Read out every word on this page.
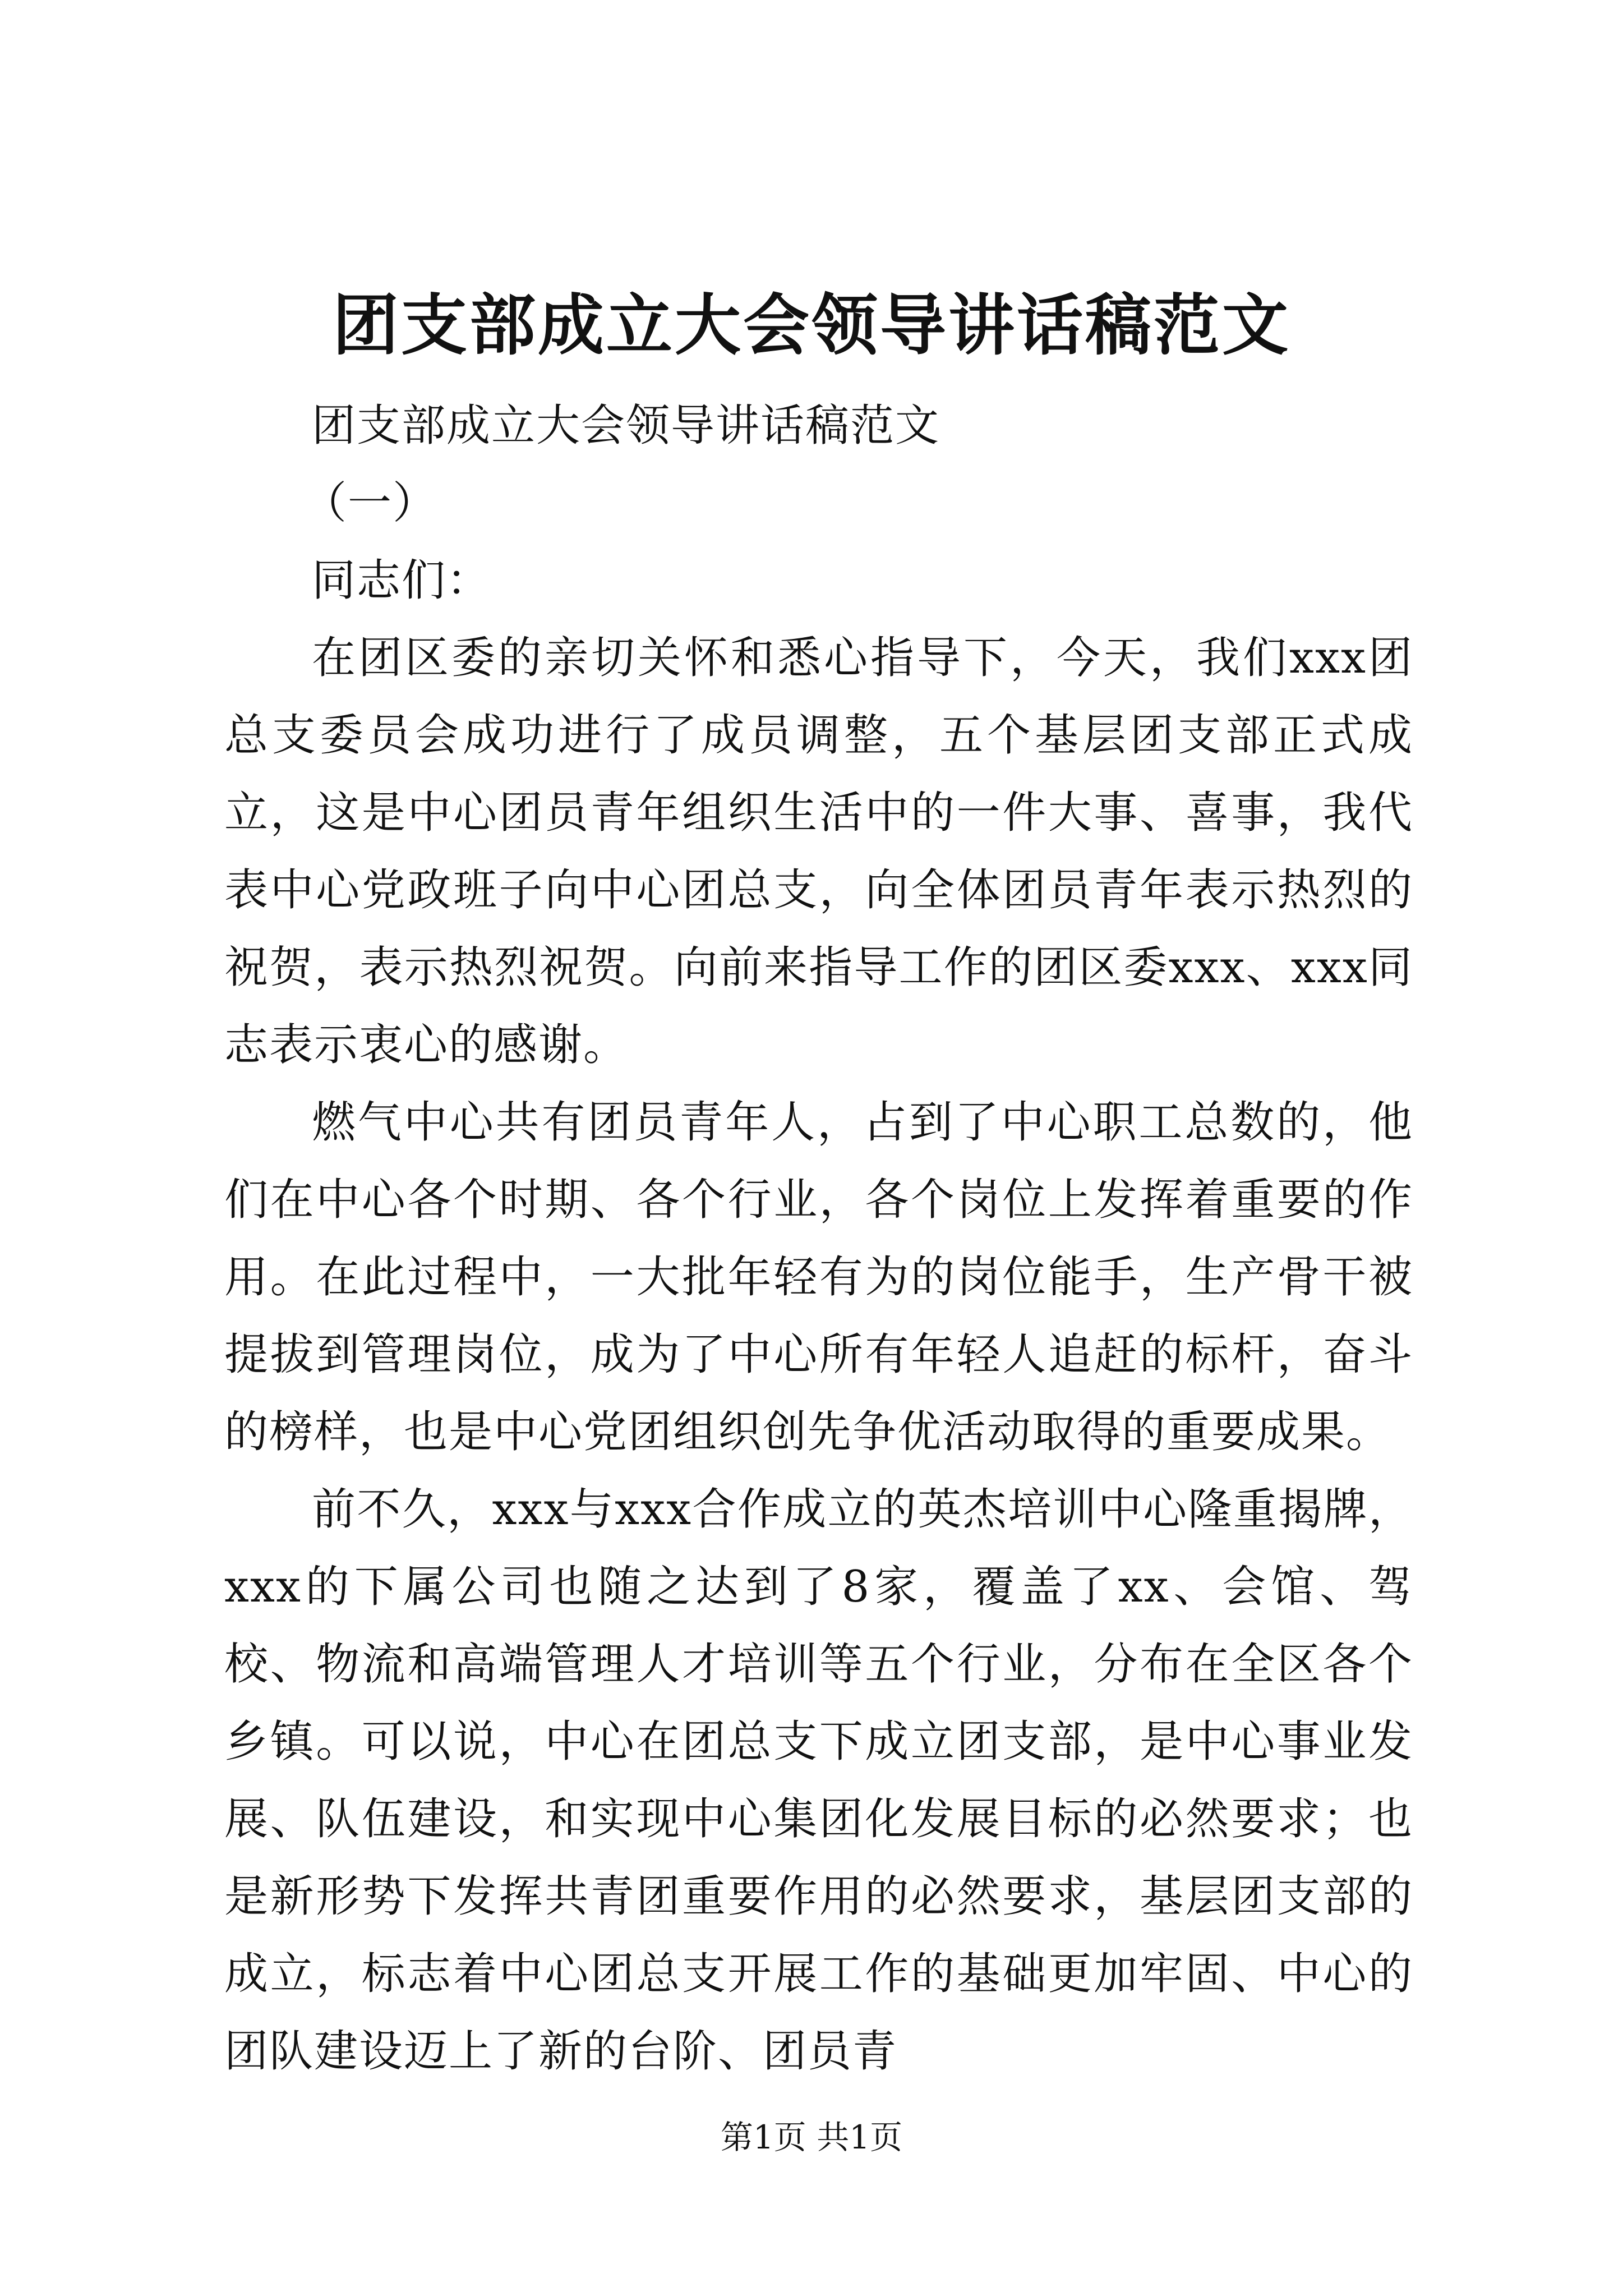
团支部成立大会领导讲话稿范文

团支部成立大会领导讲话稿范文

（一）

同志们：

在团区委的亲切关怀和悉心指导下，今天，我们xxx团总支委员会成功进行了成员调整，五个基层团支部正式成立，这是中心团员青年组织生活中的一件大事、喜事，我代表中心党政班子向中心团总支，向全体团员青年表示热烈的祝贺，表示热烈祝贺。向前来指导工作的团区委xxx、xxx同志表示衷心的感谢。

燃气中心共有团员青年人，占到了中心职工总数的，他们在中心各个时期、各个行业，各个岗位上发挥着重要的作用。在此过程中，一大批年轻有为的岗位能手，生产骨干被提拔到管理岗位，成为了中心所有年轻人追赶的标杆，奋斗的榜样，也是中心党团组织创先争优活动取得的重要成果。

前不久，xxx与xxx合作成立的英杰培训中心隆重揭牌，xxx的下属公司也随之达到了8家，覆盖了xx、会馆、驾校、物流和高端管理人才培训等五个行业，分布在全区各个乡镇。可以说，中心在团总支下成立团支部，是中心事业发展、队伍建设，和实现中心集团化发展目标的必然要求；也是新形势下发挥共青团重要作用的必然要求，基层团支部的成立，标志着中心团总支开展工作的基础更加牢固、中心的团队建设迈上了新的台阶、团员青

第1页 共1页
